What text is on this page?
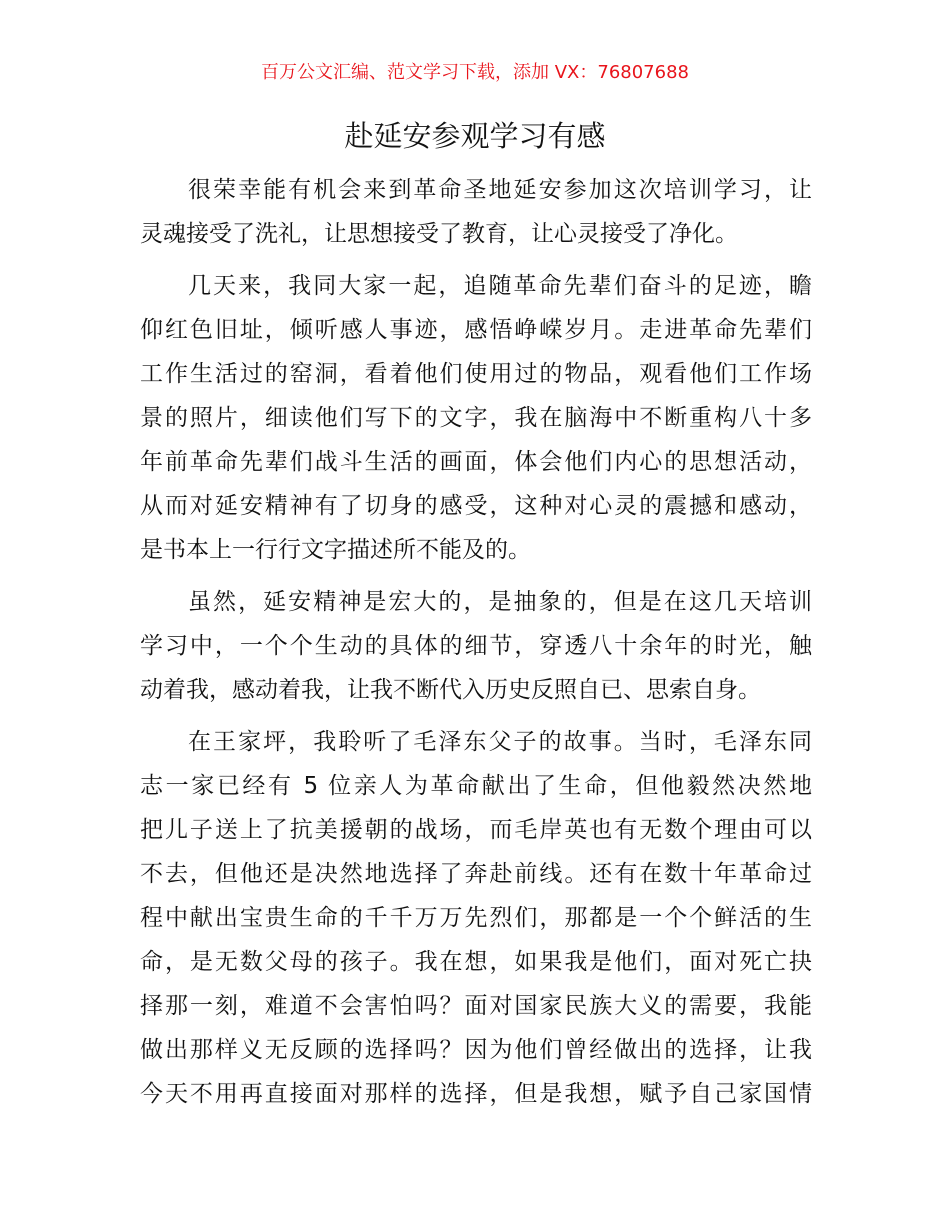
百万公文汇编、范文学习下载，添加 VX：76807688
赴延安参观学习有感
很荣幸能有机会来到革命圣地延安参加这次培训学习，让
灵魂接受了洗礼，让思想接受了教育，让心灵接受了净化。
几天来，我同大家一起，追随革命先辈们奋斗的足迹，瞻
仰红色旧址，倾听感人事迹，感悟峥嵘岁月。走进革命先辈们
工作生活过的窑洞，看着他们使用过的物品，观看他们工作场
景的照片，细读他们写下的文字，我在脑海中不断重构八十多
年前革命先辈们战斗生活的画面，体会他们内心的思想活动，
从而对延安精神有了切身的感受，这种对心灵的震撼和感动，
是书本上一行行文字描述所不能及的。
虽然，延安精神是宏大的，是抽象的，但是在这几天培训
学习中，一个个生动的具体的细节，穿透八十余年的时光，触
动着我，感动着我，让我不断代入历史反照自已、思索自身。
在王家坪，我聆听了毛泽东父子的故事。当时，毛泽东同
志一家已经有 5 位亲人为革命献出了生命，但他毅然决然地
把儿子送上了抗美援朝的战场，而毛岸英也有无数个理由可以
不去，但他还是决然地选择了奔赴前线。还有在数十年革命过
程中献出宝贵生命的千千万万先烈们，那都是一个个鲜活的生
命，是无数父母的孩子。我在想，如果我是他们，面对死亡抉
择那一刻，难道不会害怕吗？面对国家民族大义的需要，我能
做出那样义无反顾的选择吗？因为他们曾经做出的选择，让我
今天不用再直接面对那样的选择，但是我想，赋予自己家国情
